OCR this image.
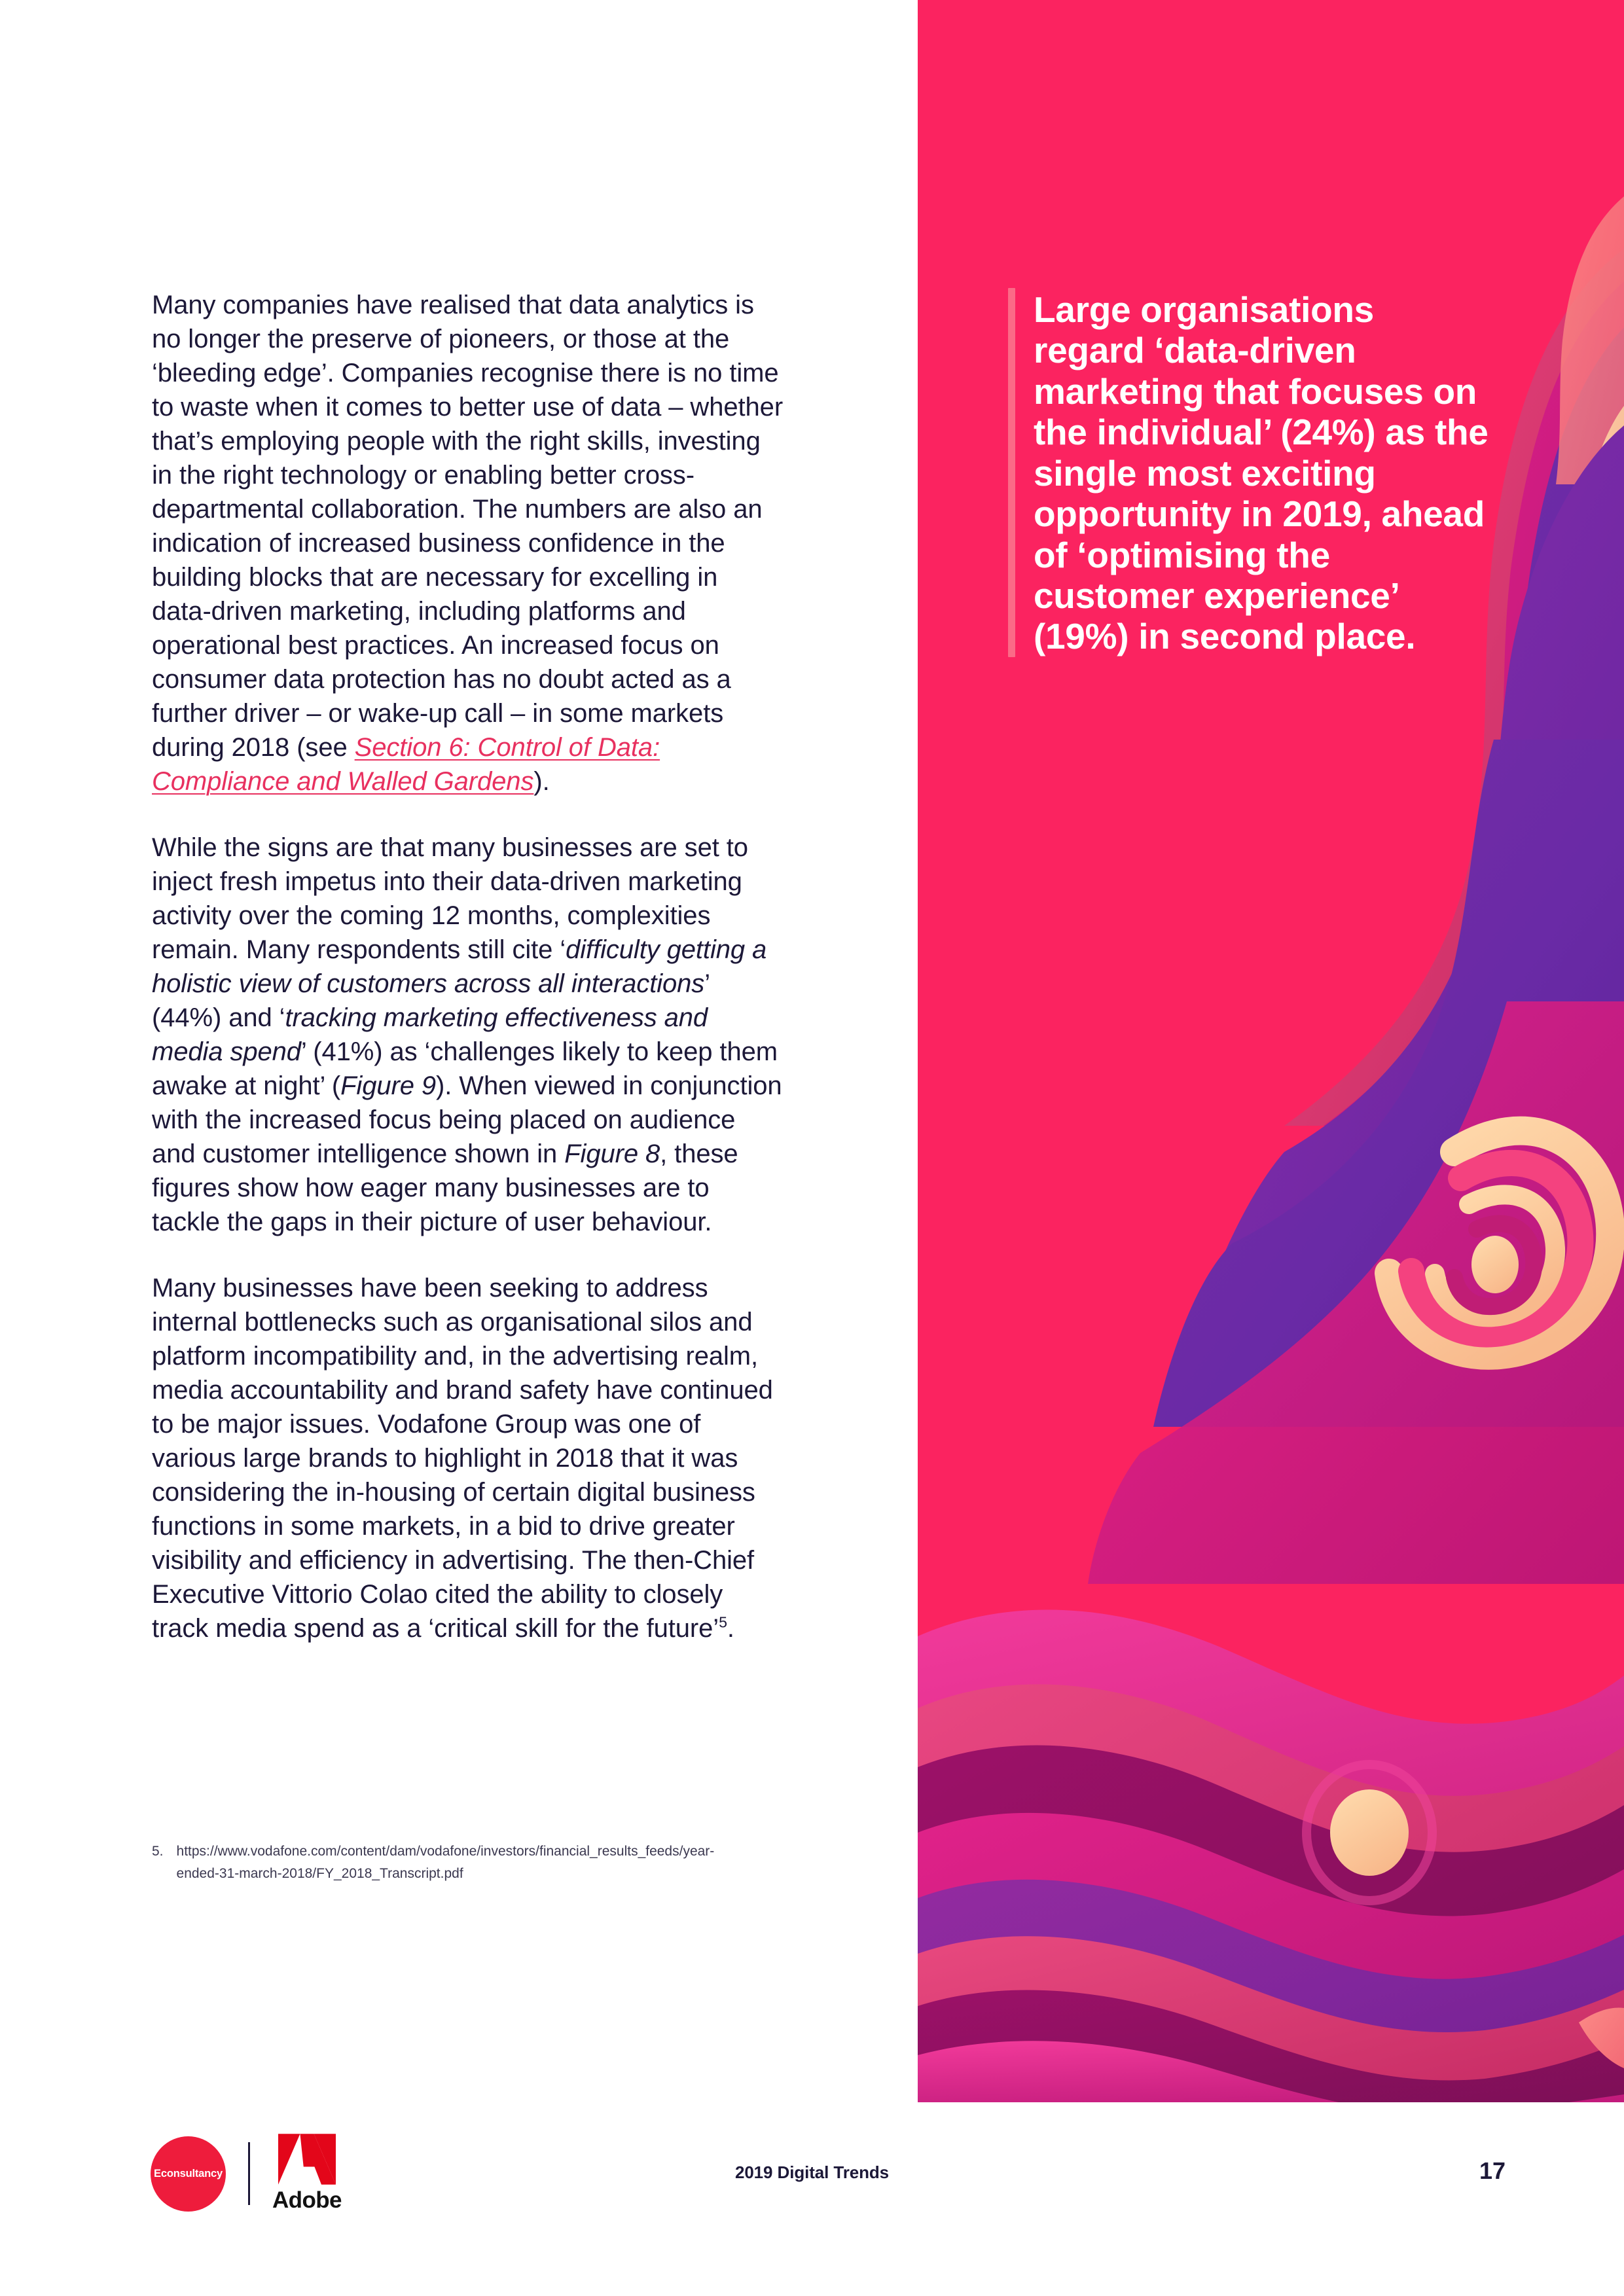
Large organisations regard ‘data-driven marketing that focuses on the individual’ (24%) as the single most exciting opportunity in 2019, ahead of ‘optimising the customer experience’ (19%) in second place.

Many companies have realised that data analytics is no longer the preserve of pioneers, or those at the ‘bleeding edge’. Companies recognise there is no time to waste when it comes to better use of data – whether that’s employing people with the right skills, investing in the right technology or enabling better cross-departmental collaboration. The numbers are also an indication of increased business confidence in the building blocks that are necessary for excelling in data-driven marketing, including platforms and operational best practices. An increased focus on consumer data protection has no doubt acted as a further driver – or wake-up call – in some markets during 2018 (see Section 6: Control of Data: Compliance and Walled Gardens).

While the signs are that many businesses are set to inject fresh impetus into their data-driven marketing activity over the coming 12 months, complexities remain. Many respondents still cite ‘difficulty getting a holistic view of customers across all interactions’ (44%) and ‘tracking marketing effectiveness and media spend’ (41%) as ‘challenges likely to keep them awake at night’ (Figure 9). When viewed in conjunction with the increased focus being placed on audience and customer intelligence shown in Figure 8, these figures show how eager many businesses are to tackle the gaps in their picture of user behaviour.

Many businesses have been seeking to address internal bottlenecks such as organisational silos and platform incompatibility and, in the advertising realm, media accountability and brand safety have continued to be major issues. Vodafone Group was one of various large brands to highlight in 2018 that it was considering the in-housing of certain digital business functions in some markets, in a bid to drive greater visibility and efficiency in advertising. The then-Chief Executive Vittorio Colao cited the ability to closely track media spend as a ‘critical skill for the future’$^5$.

5. https://www.vodafone.com/content/dam/vodafone/investors/financial_results_feeds/year-ended-31-march-2018/FY_2018_Transcript.pdf
Econsultancy
Adobe
2019 Digital Trends	17
